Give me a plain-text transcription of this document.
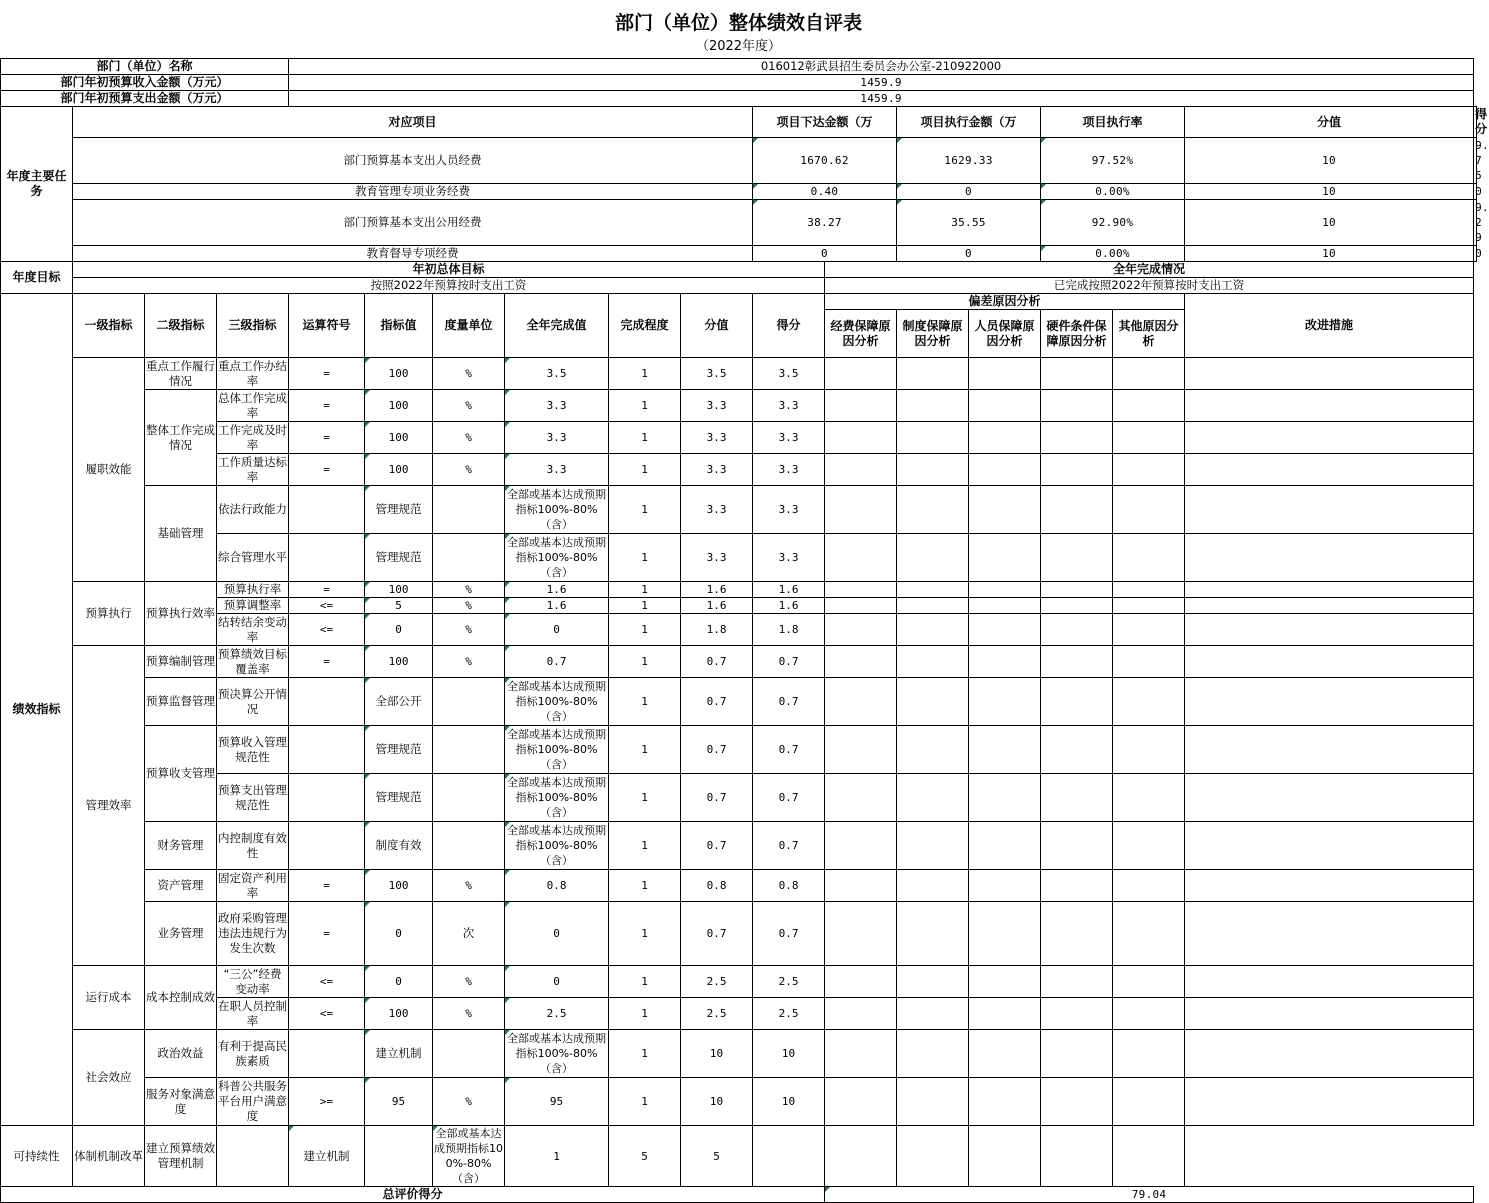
部门（单位）整体绩效自评表
（2022年度）
部门（单位）名称				016012彰武县招生委员会办公室-210922000													
部门年初预算收入金额（万元）				1459.9													
部门年初预算支出金额（万元）				1459.9													
年度主要任务	对应项目									项目下达金额（万		项目执行金额（万		项目执行率		分值	得分
	部门预算基本支出人员经费									1670.62		1629.33		97.52%		10	9.75
	教育管理专项业务经费									0.40		0		0.00%		10	0
	部门预算基本支出公用经费									38.27		35.55		92.90%		10	9.29
	教育督导专项经费									0		0		0.00%		10	0
年度目标	年初总体目标										全年完成情况						
	按照2022年预算按时支出工资										已完成按照2022年预算按时支出工资						
绩效指标	一级指标	二级指标	三级指标	运算符号	指标值	度量单位	全年完成值	完成程度	分值	得分	偏差原因分析					改进措施	
											经费保障原因分析	制度保障原因分析	人员保障原因分析	硬件条件保障原因分析	其他原因分析		

	履职效能	重点工作履行情况	重点工作办结率	=	100	%	3.5	1	3.5	3.5							
		整体工作完成情况	总体工作完成率	=	100	%	3.3	1	3.3	3.3							
			工作完成及时率	=	100	%	3.3	1	3.3	3.3							
			工作质量达标率	=	100	%	3.3	1	3.3	3.3							
		基础管理	依法行政能力		管理规范		全部或基本达成预期指标100%-80%（含）	1	3.3	3.3							
			综合管理水平		管理规范		全部或基本达成预期指标100%-80%（含）	1	3.3	3.3							
	预算执行	预算执行效率	预算执行率	=	100	%	1.6	1	1.6	1.6							
			预算调整率	<=	5	%	1.6	1	1.6	1.6							
			结转结余变动率	<=	0	%	0	1	1.8	1.8							
	管理效率	预算编制管理	预算绩效目标覆盖率	=	100	%	0.7	1	0.7	0.7							
		预算监督管理	预决算公开情况		全部公开		全部或基本达成预期指标100%-80%（含）	1	0.7	0.7							
		预算收支管理	预算收入管理规范性		管理规范		全部或基本达成预期指标100%-80%（含）	1	0.7	0.7							
			预算支出管理规范性		管理规范		全部或基本达成预期指标100%-80%（含）	1	0.7	0.7							
		财务管理	内控制度有效性		制度有效		全部或基本达成预期指标100%-80%（含）	1	0.7	0.7							
		资产管理	固定资产利用率	=	100	%	0.8	1	0.8	0.8							
		业务管理	政府采购管理违法违规行为发生次数	=	0	次	0	1	0.7	0.7							
	运行成本	成本控制成效	“三公”经费变动率	<=	0	%	0	1	2.5	2.5							
			在职人员控制率	<=	100	%	2.5	1	2.5	2.5							
	社会效应	政治效益	有利于提高民族素质		建立机制		全部或基本达成预期指标100%-80%（含）	1	10	10							
		服务对象满意度	科普公共服务平台用户满意度	>=	95	%	95	1	10	10							
可持续性	体制机制改革	建立预算绩效管理机制		建立机制		全部或基本达成预期指标100%-80%（含）	1	5	5								
总评价得分											79.04						
